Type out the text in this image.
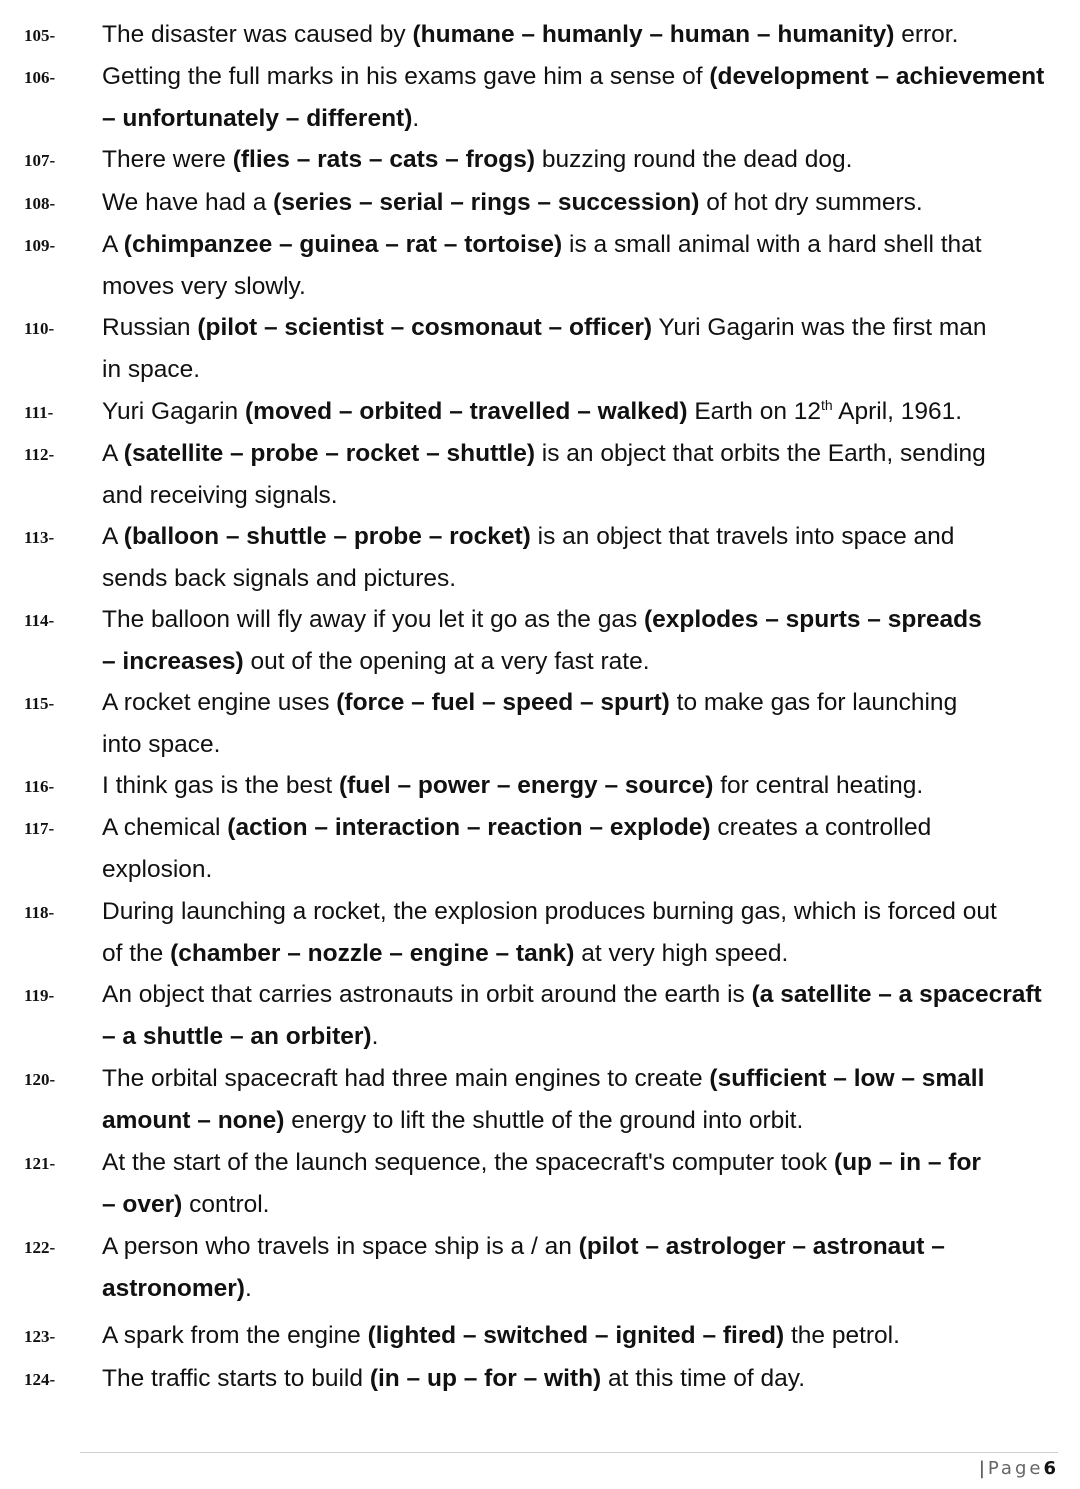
105-	The disaster was caused by (humane – humanly – human – humanity) error.
106-	Getting the full marks in his exams gave him a sense of (development – achievement
– unfortunately – different).
107-	There were (flies – rats – cats – frogs) buzzing round the dead dog.
108-	We have had a (series – serial – rings – succession) of hot dry summers.
109-	A (chimpanzee – guinea – rat – tortoise) is a small animal with a hard shell that
moves very slowly.
110-	Russian (pilot – scientist – cosmonaut – officer) Yuri Gagarin was the first man
in space.
111-	Yuri Gagarin (moved – orbited – travelled – walked) Earth on 12th April, 1961.
112-	A (satellite – probe – rocket – shuttle) is an object that orbits the Earth, sending
and receiving signals.
113-	A (balloon – shuttle – probe – rocket) is an object that travels into space and
sends back signals and pictures.
114-	The balloon will fly away if you let it go as the gas (explodes – spurts – spreads
– increases) out of the opening at a very fast rate.
115-	A rocket engine uses (force – fuel – speed – spurt) to make gas for launching
into space.
116-	I think gas is the best (fuel – power – energy – source) for central heating.
117-	A chemical (action – interaction – reaction – explode) creates a controlled
explosion.
118-	During launching a rocket, the explosion produces burning gas, which is forced out
of the (chamber – nozzle – engine – tank) at very high speed.
119-	An object that carries astronauts in orbit around the earth is (a satellite – a spacecraft
– a shuttle – an orbiter).
120-	The orbital spacecraft had three main engines to create (sufficient – low – small
amount – none) energy to lift the shuttle of the ground into orbit.
121-	At the start of the launch sequence, the spacecraft's computer took (up – in – for
– over) control.
122-	A person who travels in space ship is a / an (pilot – astrologer – astronaut –
astronomer).
123-	A spark from the engine (lighted – switched – ignited – fired) the petrol.
124-	The traffic starts to build (in – up – for – with) at this time of day.
| Page6
